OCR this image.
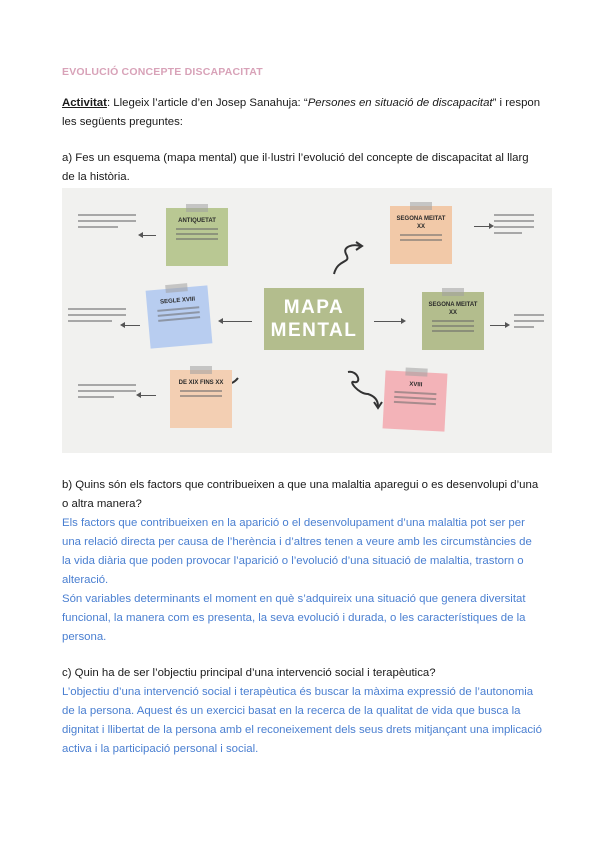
EVOLUCIÓ CONCEPTE DISCAPACITAT
Activitat: Llegeix l’article d’en Josep Sanahuja: “Persones en situació de discapacitat” i respon
les següents preguntes:
a) Fes un esquema (mapa mental) que il·lustri l’evolució del concepte de discapacitat al llarg
de la història.
MAPA
MENTAL
ANTIQUETAT	SEGONA MEITAT XX
SEGLE XVIII	SEGONA MEITAT XX
DE XIX FINS XX	XVIII
b) Quins són els factors que contribueixen a que una malaltia aparegui o es desenvolupi d’una
o altra manera?
Els factors que contribueixen en la aparició o el desenvolupament d’una malaltia pot ser per
una relació directa per causa de l’herència i d’altres tenen a veure amb les circumstàncies de
la vida diària que poden provocar l’aparició o l’evolució d’una situació de malaltia, trastorn o
alteració.
Són variables determinants el moment en què s’adquireix una situació que genera diversitat
funcional, la manera com es presenta, la seva evolució i durada, o les característiques de la
persona.
c) Quin ha de ser l’objectiu principal d’una intervenció social i terapèutica?
L’objectiu d’una intervenció social i terapèutica és buscar la màxima expressió de l’autonomia
de la persona. Aquest és un exercici basat en la recerca de la qualitat de vida que busca la
dignitat i llibertat de la persona amb el reconeixement dels seus drets mitjançant una implicació
activa i la participació personal i social.
